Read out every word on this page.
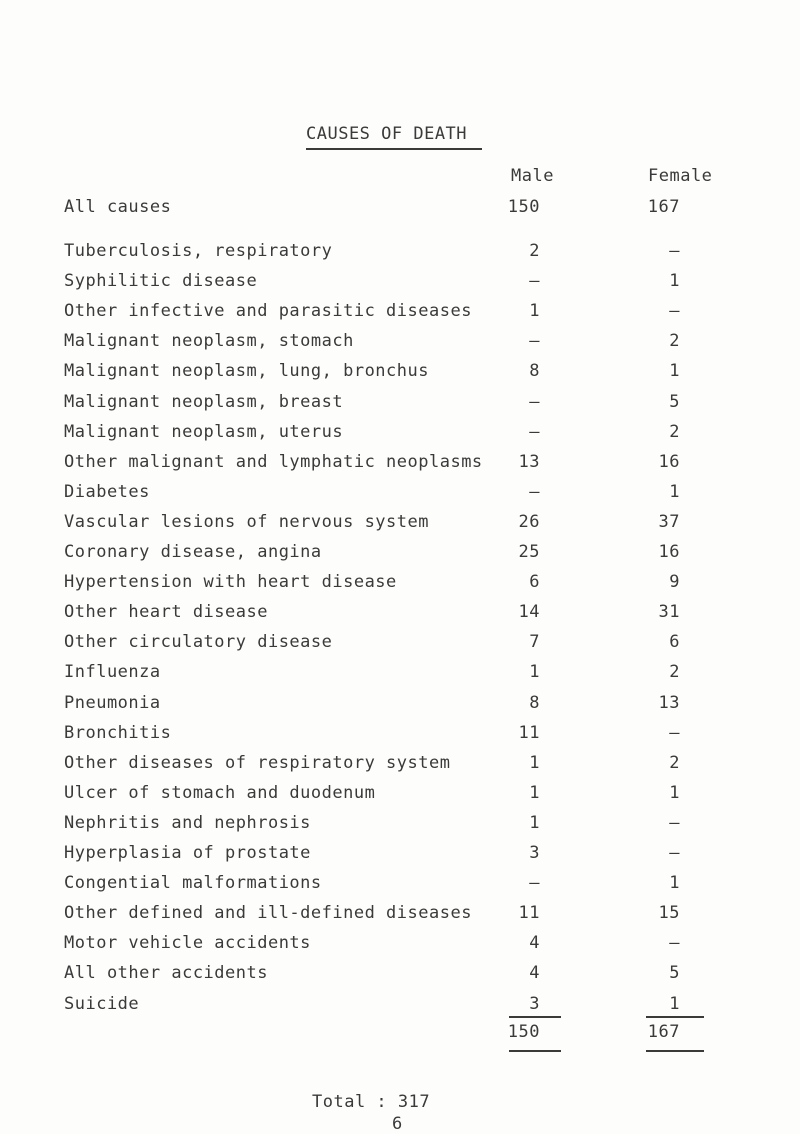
CAUSES OF DEATH
Male	Female
All causes	150	167
Tuberculosis, respiratory	2	—
Syphilitic disease	—	1
Other infective and parasitic diseases	1	—
Malignant neoplasm, stomach	—	2
Malignant neoplasm, lung, bronchus	8	1
Malignant neoplasm, breast	—	5
Malignant neoplasm, uterus	—	2
Other malignant and lymphatic neoplasms	13	16
Diabetes	—	1
Vascular lesions of nervous system	26	37
Coronary disease, angina	25	16
Hypertension with heart disease	6	9
Other heart disease	14	31
Other circulatory disease	7	6
Influenza	1	2
Pneumonia	8	13
Bronchitis	11	—
Other diseases of respiratory system	1	2
Ulcer of stomach and duodenum	1	1
Nephritis and nephrosis	1	—
Hyperplasia of prostate	3	—
Congential malformations	—	1
Other defined and ill-defined diseases	11	15
Motor vehicle accidents	4	—
All other accidents	4	5
Suicide	3	1
150	167
Total : 317
6
